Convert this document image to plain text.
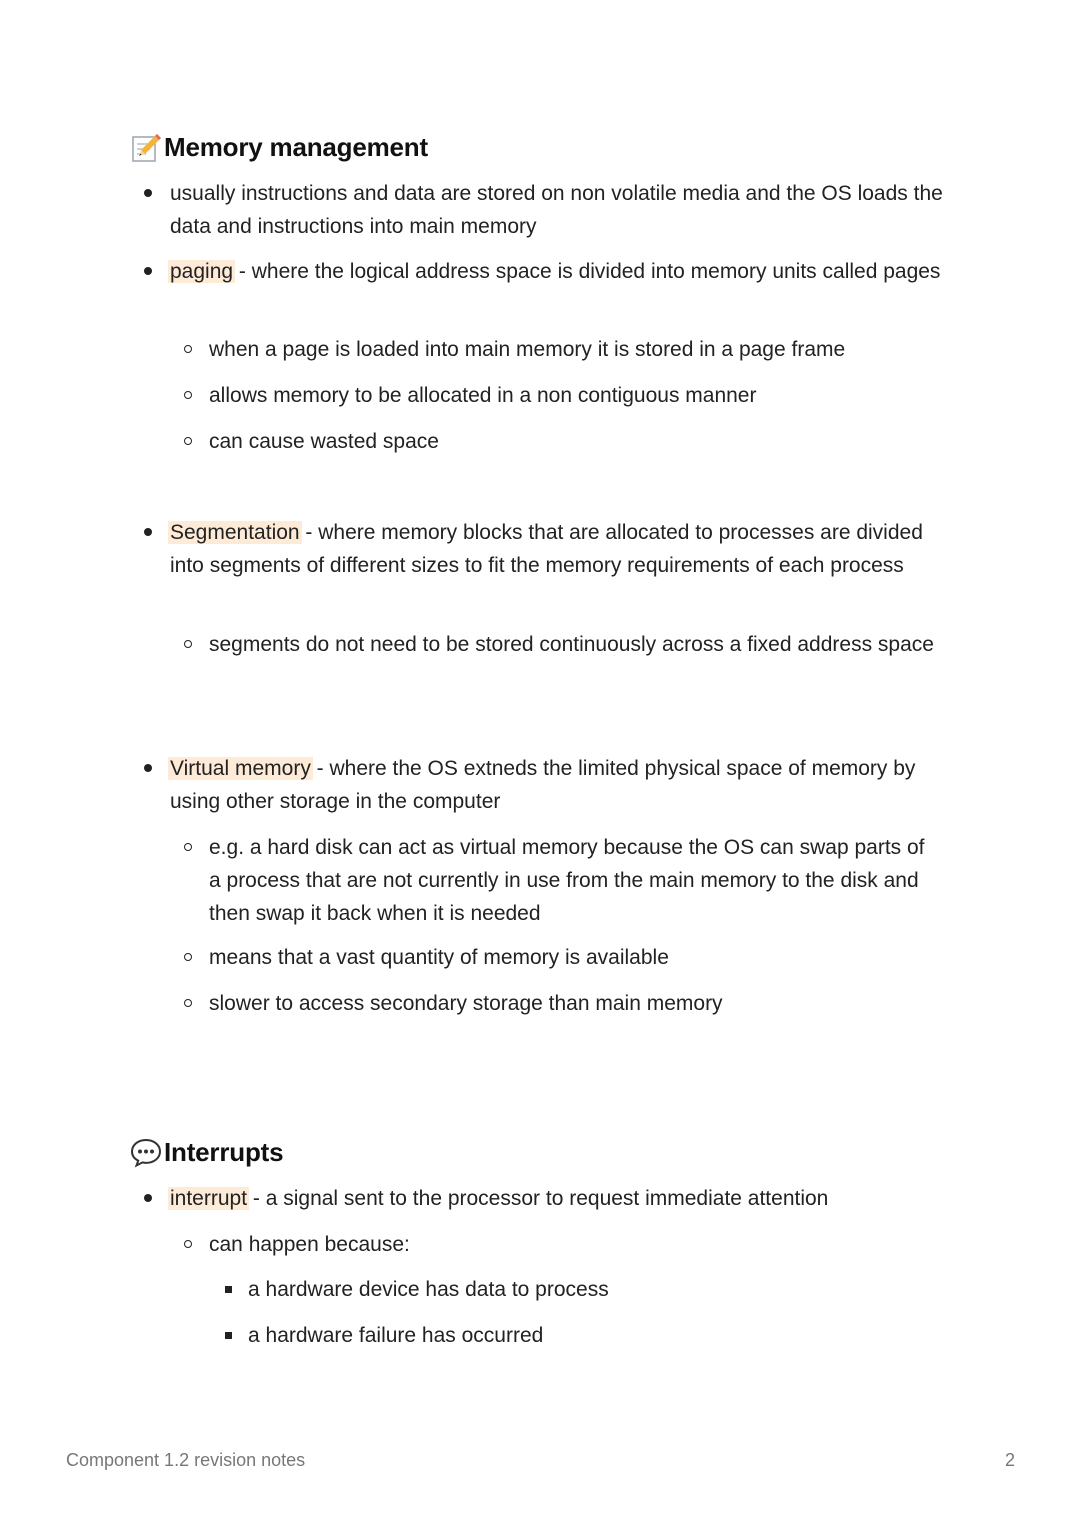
Memory management
usually instructions and data are stored on non volatile media and the OS loads the data and instructions into main memory
paging - where the logical address space is divided into memory units called pages
when a page is loaded into main memory it is stored in a page frame
allows memory to be allocated in a non contiguous manner
can cause wasted space
Segmentation - where memory blocks that are allocated to processes are divided into segments of different sizes to fit the memory requirements of each process
segments do not need to be stored continuously across a fixed address space
Virtual memory - where the OS extneds the limited physical space of memory by using other storage in the computer
e.g. a hard disk can act as virtual memory because the OS can swap parts of a process that are not currently in use from the main memory to the disk and then swap it back when it is needed
means that a vast quantity of memory is available
slower to access secondary storage than main memory
Interrupts
interrupt - a signal sent to the processor to request immediate attention
can happen because:
a hardware device has data to process
a hardware failure has occurred
Component 1.2 revision notes	2
